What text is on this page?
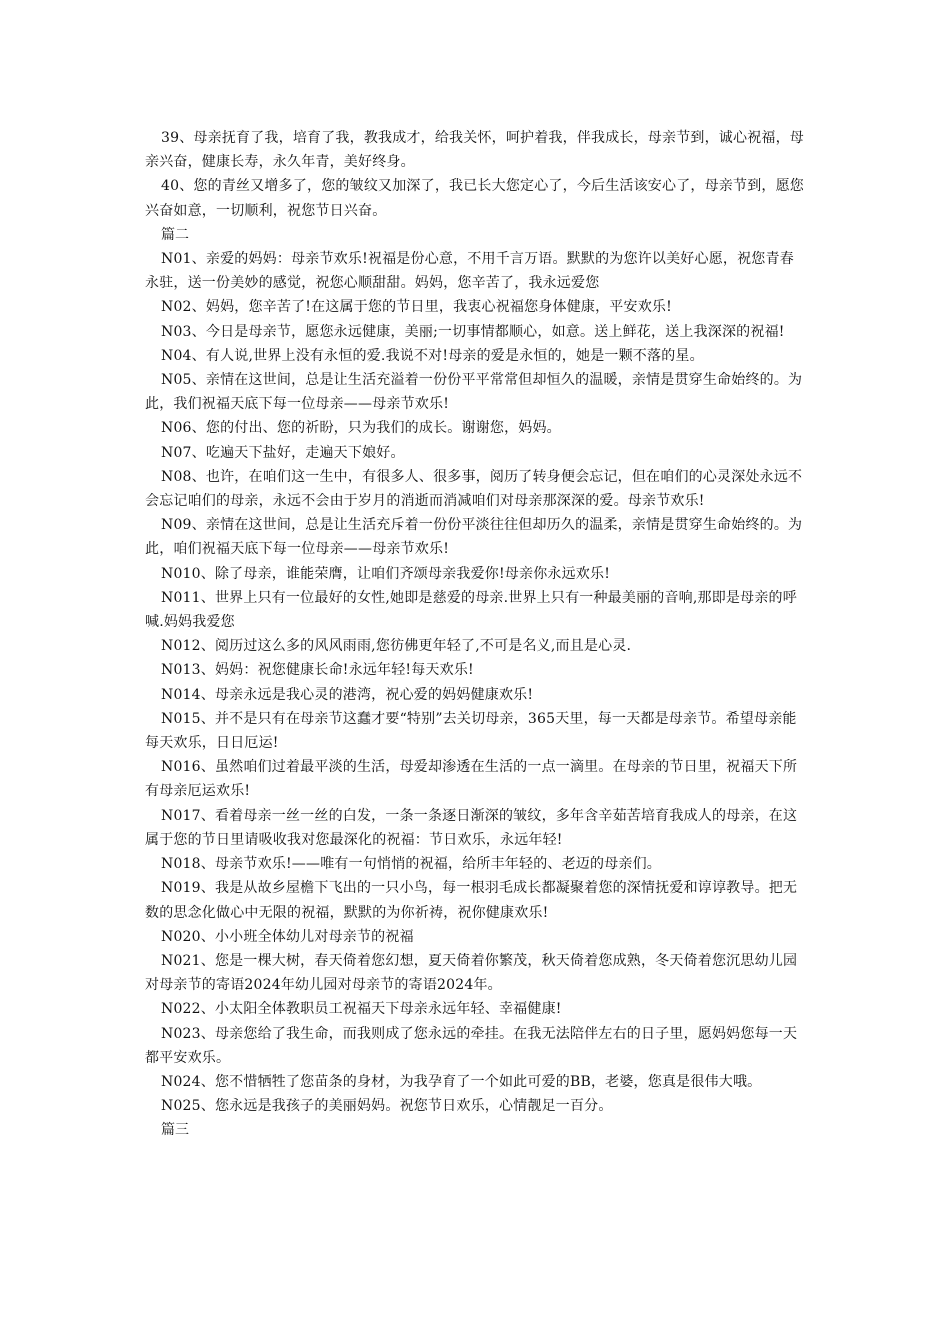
39、母亲抚育了我，培育了我，教我成才，给我关怀，呵护着我，伴我成长，母亲节到，诚心祝福，母亲兴奋，健康长寿，永久年青，美好终身。

40、您的青丝又增多了，您的皱纹又加深了，我已长大您定心了，今后生活该安心了，母亲节到，愿您兴奋如意，一切顺利，祝您节日兴奋。

篇二

N01、亲爱的妈妈：母亲节欢乐!祝福是份心意，不用千言万语。默默的为您许以美好心愿，祝您青春永驻，送一份美妙的感觉，祝您心顺甜甜。妈妈，您辛苦了，我永远爱您

N02、妈妈，您辛苦了!在这属于您的节日里，我衷心祝福您身体健康，平安欢乐!

N03、今日是母亲节，愿您永远健康，美丽;一切事情都顺心，如意。送上鲜花，送上我深深的祝福!

N04、有人说,世界上没有永恒的爱.我说不对!母亲的爱是永恒的，她是一颗不落的星。

N05、亲情在这世间，总是让生活充溢着一份份平平常常但却恒久的温暖，亲情是贯穿生命始终的。为此，我们祝福天底下每一位母亲——母亲节欢乐!

N06、您的付出、您的祈盼，只为我们的成长。谢谢您，妈妈。

N07、吃遍天下盐好，走遍天下娘好。

N08、也许，在咱们这一生中，有很多人、很多事，阅历了转身便会忘记，但在咱们的心灵深处永远不会忘记咱们的母亲，永远不会由于岁月的消逝而消减咱们对母亲那深深的爱。母亲节欢乐!

N09、亲情在这世间，总是让生活充斥着一份份平淡往往但却历久的温柔，亲情是贯穿生命始终的。为此，咱们祝福天底下每一位母亲——母亲节欢乐!

N010、除了母亲，谁能荣膺，让咱们齐颂母亲我爱你!母亲你永远欢乐!

N011、世界上只有一位最好的女性,她即是慈爱的母亲.世界上只有一种最美丽的音响,那即是母亲的呼喊.妈妈我爱您

N012、阅历过这么多的风风雨雨,您彷佛更年轻了,不可是名义,而且是心灵.

N013、妈妈：祝您健康长命!永远年轻!每天欢乐!

N014、母亲永远是我心灵的港湾，祝心爱的妈妈健康欢乐!

N015、并不是只有在母亲节这蠢才要“特别”去关切母亲，365天里，每一天都是母亲节。希望母亲能每天欢乐，日日厄运!

N016、虽然咱们过着最平淡的生活，母爱却渗透在生活的一点一滴里。在母亲的节日里，祝福天下所有母亲厄运欢乐!

N017、看着母亲一丝一丝的白发，一条一条逐日渐深的皱纹，多年含辛茹苦培育我成人的母亲，在这属于您的节日里请吸收我对您最深化的祝福：节日欢乐，永远年轻!

N018、母亲节欢乐!——唯有一句悄悄的祝福，给所丰年轻的、老迈的母亲们。

N019、我是从故乡屋檐下飞出的一只小鸟，每一根羽毛成长都凝聚着您的深情抚爱和谆谆教导。把无数的思念化做心中无限的祝福，默默的为你祈祷，祝你健康欢乐!

N020、小小班全体幼儿对母亲节的祝福

N021、您是一棵大树，春天倚着您幻想，夏天倚着你繁茂，秋天倚着您成熟，冬天倚着您沉思幼儿园对母亲节的寄语2024年幼儿园对母亲节的寄语2024年。

N022、小太阳全体教职员工祝福天下母亲永远年轻、幸福健康!

N023、母亲您给了我生命，而我则成了您永远的牵挂。在我无法陪伴左右的日子里，愿妈妈您每一天都平安欢乐。

N024、您不惜牺牲了您苗条的身材，为我孕育了一个如此可爱的BB，老婆，您真是很伟大哦。

N025、您永远是我孩子的美丽妈妈。祝您节日欢乐，心情靓足一百分。

篇三
